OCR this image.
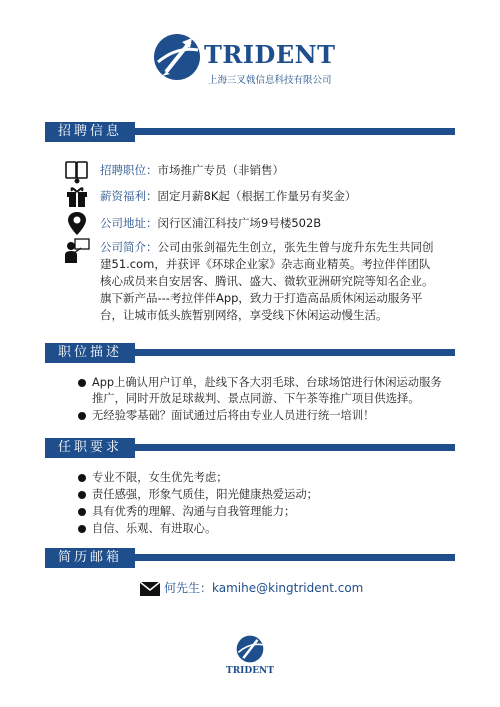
TRIDENT
上海三叉戟信息科技有限公司
招聘信息
招聘职位：市场推广专员（非销售）
薪资福利：固定月薪8K起（根据工作量另有奖金）
公司地址：闵行区浦江科技广场9号楼502B
公司简介：公司由张剑福先生创立，张先生曾与庞升东先生共同创
建51.com，并获评《环球企业家》杂志商业精英。考拉伴伴团队
核心成员来自安居客、腾讯、盛大、微软亚洲研究院等知名企业。
旗下新产品---考拉伴伴App，致力于打造高品质休闲运动服务平
台，让城市低头族暂别网络，享受线下休闲运动慢生活。
职位描述
App上确认用户订单，赴线下各大羽毛球、台球场馆进行休闲运动服务推广，同时开放足球裁判、景点同游、下午茶等推广项目供选择。
无经验零基础？面试通过后将由专业人员进行统一培训！
任职要求
专业不限，女生优先考虑；
责任感强，形象气质佳，阳光健康热爱运动；
具有优秀的理解、沟通与自我管理能力；
自信、乐观、有进取心。
简历邮箱
何先生：kamihe@kingtrident.com
TRIDENT
